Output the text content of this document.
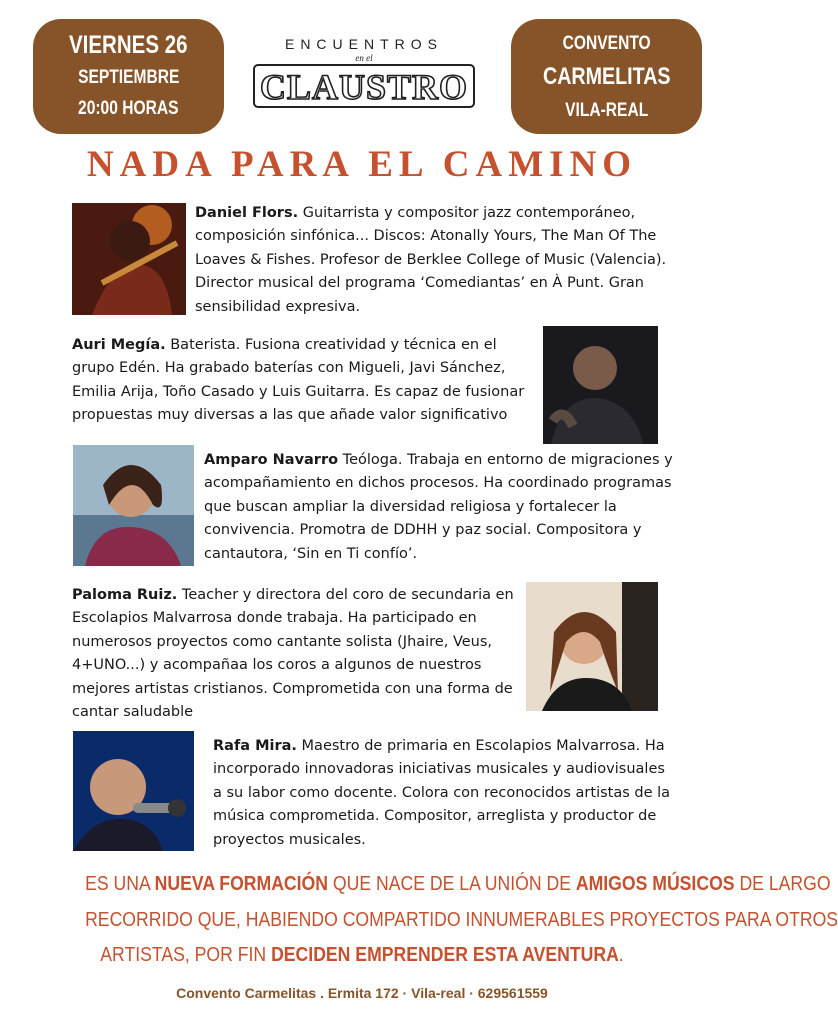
VIERNES 26
SEPTIEMBRE
20:00 HORAS
ENCUENTROS
en el
CLAUSTRO
CONVENTO
CARMELITAS
VILA-REAL
NADA PARA EL CAMINO
Daniel Flors. Guitarrista y compositor jazz contemporáneo, composición sinfónica... Discos: Atonally Yours, The Man Of The Loaves & Fishes. Profesor de Berklee College of Music (Valencia). Director musical del programa ‘Comediantas’ en À Punt. Gran sensibilidad expresiva.
Auri Megía. Baterista. Fusiona creatividad y técnica en el grupo Edén. Ha grabado baterías con Migueli, Javi Sánchez, Emilia Arija, Toño Casado y Luis Guitarra. Es capaz de fusionar propuestas muy diversas a las que añade valor significativo
Amparo Navarro Teóloga. Trabaja en entorno de migraciones y acompañamiento en dichos procesos. Ha coordinado programas que buscan ampliar la diversidad religiosa y fortalecer la convivencia. Promotra de DDHH y paz social. Compositora y cantautora, ‘Sin en Ti confío’.
Paloma Ruiz. Teacher y directora del coro de secundaria en Escolapios Malvarrosa donde trabaja. Ha participado en numerosos proyectos como cantante solista (Jhaire, Veus, 4+UNO...) y acompañaa los coros a algunos de nuestros mejores artistas cristianos. Comprometida con una forma de cantar saludable
Rafa Mira. Maestro de primaria en Escolapios Malvarrosa. Ha incorporado innovadoras iniciativas musicales y audiovisuales a su labor como docente. Colora con reconocidos artistas de la música comprometida. Compositor, arreglista y productor de proyectos musicales.
ES UNA NUEVA FORMACIÓN QUE NACE DE LA UNIÓN DE AMIGOS MÚSICOS DE LARGO
RECORRIDO QUE, HABIENDO COMPARTIDO INNUMERABLES PROYECTOS PARA OTROS
ARTISTAS, POR FIN DECIDEN EMPRENDER ESTA AVENTURA.
Convento Carmelitas . Ermita 172 · Vila-real · 629561559
